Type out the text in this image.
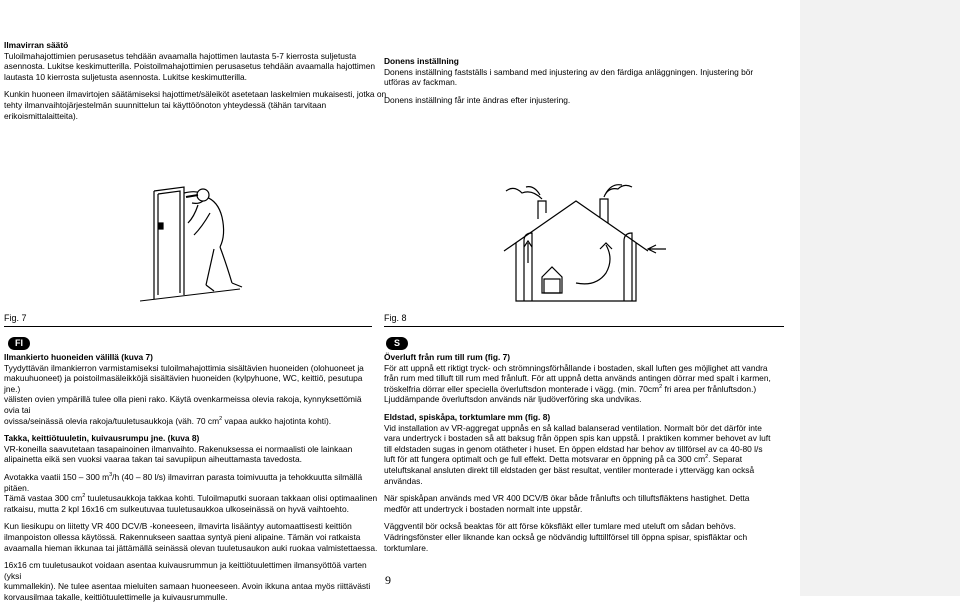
Ilmavirran säätö
Tuloilmahajottimien perusasetus tehdään avaamalla hajottimen lautasta 5-7 kierrosta suljetusta
asennosta. Lukitse keskimutterilla. Poistoilmahajottimien perusasetus tehdään avaamalla hajottimen
lautasta 10 kierrosta suljetusta asennosta. Lukitse keskimutterilla.
Kunkin huoneen ilmavirtojen säätämiseksi hajottimet/säleiköt asetetaan laskelmien mukaisesti, jotka on
tehty ilmanvaihtojärjestelmän suunnittelun tai käyttöönoton yhteydessä (tähän tarvitaan
erikoismittalaitteita).
Donens inställning
Donens inställning fastställs i samband med injustering av den färdiga anläggningen. Injustering bör
utföras av fackman.
Donens inställning får inte ändras efter injustering.
Fig. 7	Fig. 8
FI	S
Ilmankierto huoneiden välillä (kuva 7)
Tyydyttävän ilmankierron varmistamiseksi tuloilmahajottimia sisältävien huoneiden (olohuoneet ja
makuuhuoneet) ja poistoilmasäleikköjä sisältävien huoneiden (kylpyhuone, WC, keittiö, pesutupa jne.)
välisten ovien ympärillä tulee olla pieni rako. Käytä ovenkarmeissa olevia rakoja, kynnyksettömiä ovia tai
ovissa/seinässä olevia rakoja/tuuletusaukkoja (väh. 70 $cm^2$ vapaa aukko hajotinta kohti).
Takka, keittiötuuletin, kuivausrumpu jne. (kuva 8)
VR-koneilla saavutetaan tasapainoinen ilmanvaihto. Rakenuksessa ei normaalisti ole lainkaan
alipainetta eikä sen vuoksi vaaraa takan tai savupiipun aiheuttamasta tavedosta.
Avotakka vaatii 150 – 300 $m^3/h$ (40 – 80 l/s) ilmavirran parasta toimivuutta ja tehokkuutta silmällä pitäen.
Tämä vastaa 300 $cm^2$ tuuletusaukkoja takkaa kohti. Tuloilmaputki suoraan takkaan olisi optimaalinen
ratkaisu, mutta 2 kpl 16x16 cm sulkeutuvaa tuuletusaukkoa ulkoseinässä on hyvä vaihtoehto.
Kun liesikupu on liitetty VR 400 DCV/B -koneeseen, ilmavirta lisääntyy automaattisesti keittiön
ilmanpoiston ollessa käytössä. Rakennukseen saattaa syntyä pieni alipaine. Tämän voi ratkaista
avaamalla hieman ikkunaa tai jättämällä seinässä olevan tuuletusaukon auki ruokaa valmistettaessa.
16x16 cm tuuletusaukot voidaan asentaa kuivausrummun ja keittiötuulettimen ilmansyöttöä varten (yksi
kummallekin). Ne tulee asentaa mieluiten samaan huoneeseen. Avoin ikkuna antaa myös riittävästi
korvausilmaa takalle, keittiötuulettimelle ja kuivausrummulle.
Överluft från rum till rum (fig. 7)
För att uppnå ett riktigt tryck- och strömningsförhållande i bostaden, skall luften ges möjlighet att vandra
från rum med tilluft till rum med frånluft. För att uppnå detta används antingen dörrar med spalt i karmen,
tröskelfria dörrar eller speciella överluftsdon monterade i vägg. (min. $70cm^2$ fri area per frånluftsdon.)
Ljuddämpande överluftsdon används när ljudöverföring ska undvikas.
Eldstad, spiskåpa, torktumlare mm (fig. 8)
Vid installation av VR-aggregat uppnås en så kallad balanserad ventilation. Normalt bör det därför inte
vara undertryck i bostaden så att baksug från öppen spis kan uppstå. I praktiken kommer behovet av luft
till eldstaden sugas in genom otätheter i huset. En öppen eldstad har behov av tillförsel av ca 40-80 l/s
luft för att fungera optimalt och ge full effekt. Detta motsvarar en öppning på ca 300 $cm^2$. Separat
uteluftskanal ansluten direkt till eldstaden ger bäst resultat, ventiler monterade i yttervägg kan också
användas.
När spiskåpan används med VR 400 DCV/B ökar både frånlufts och tilluftsfläktens hastighet. Detta
medför att undertryck i bostaden normalt inte uppstår.
Väggventil bör också beaktas för att förse köksfläkt eller tumlare med uteluft om sådan behövs.
Vädringsfönster eller liknande kan också ge nödvändig lufttillförsel till öppna spisar, spisfläktar och
torktumlare.
9
